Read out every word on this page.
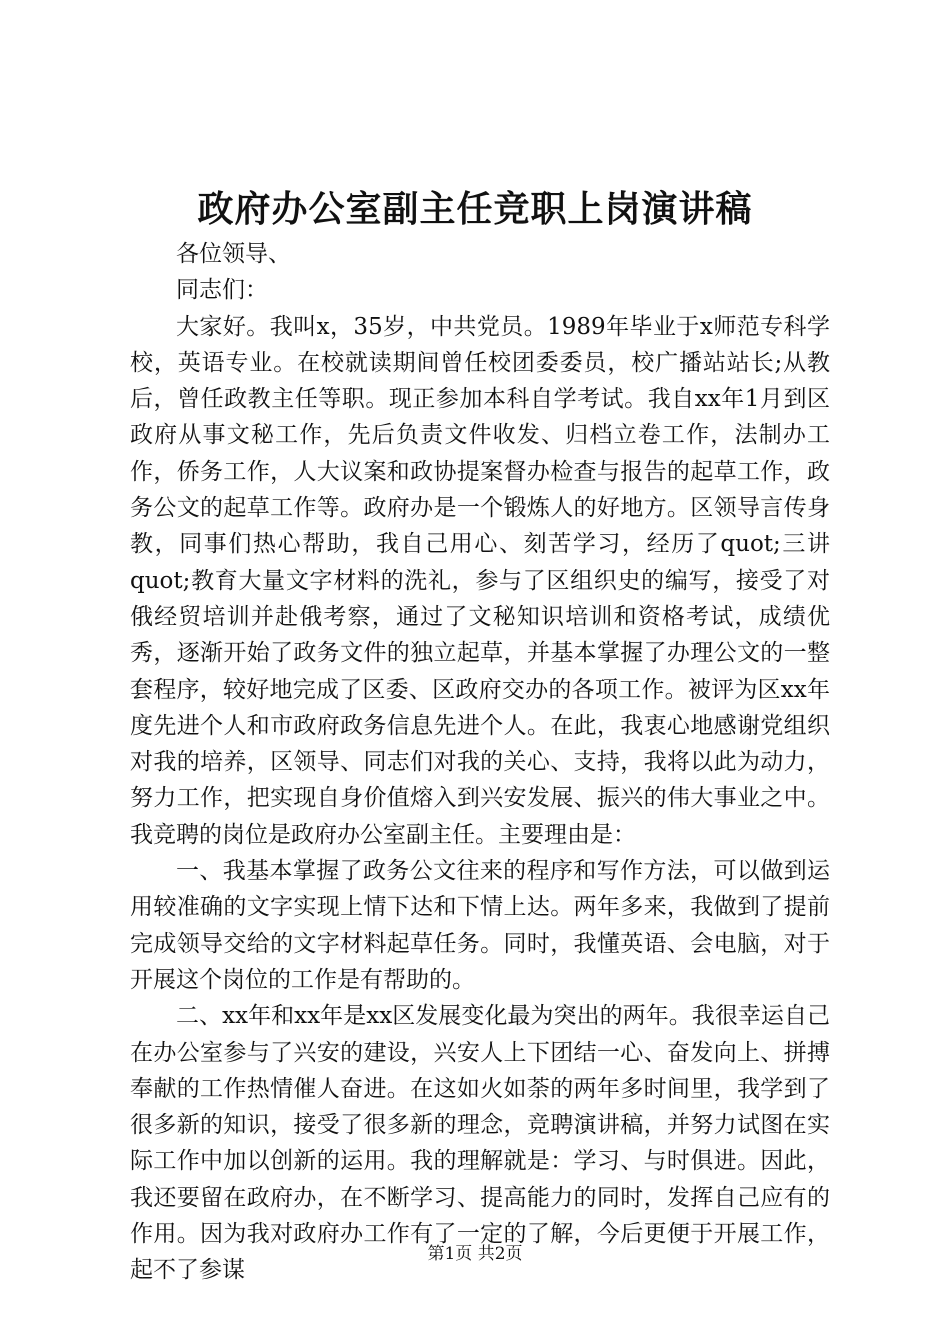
政府办公室副主任竞职上岗演讲稿

各位领导、

同志们：

大家好。我叫x，35岁，中共党员。1989年毕业于x师范专科学校，英语专业。在校就读期间曾任校团委委员，校广播站站长;从教后，曾任政教主任等职。现正参加本科自学考试。我自xx年1月到区政府从事文秘工作，先后负责文件收发、归档立卷工作，法制办工作，侨务工作，人大议案和政协提案督办检查与报告的起草工作，政务公文的起草工作等。政府办是一个锻炼人的好地方。区领导言传身教，同事们热心帮助，我自己用心、刻苦学习，经历了quot;三讲quot;教育大量文字材料的洗礼，参与了区组织史的编写，接受了对俄经贸培训并赴俄考察，通过了文秘知识培训和资格考试，成绩优秀，逐渐开始了政务文件的独立起草，并基本掌握了办理公文的一整套程序，较好地完成了区委、区政府交办的各项工作。被评为区xx年度先进个人和市政府政务信息先进个人。在此，我衷心地感谢党组织对我的培养，区领导、同志们对我的关心、支持，我将以此为动力，努力工作，把实现自身价值熔入到兴安发展、振兴的伟大事业之中。我竞聘的岗位是政府办公室副主任。主要理由是：

一、我基本掌握了政务公文往来的程序和写作方法，可以做到运用较准确的文字实现上情下达和下情上达。两年多来，我做到了提前完成领导交给的文字材料起草任务。同时，我懂英语、会电脑，对于开展这个岗位的工作是有帮助的。

二、xx年和xx年是xx区发展变化最为突出的两年。我很幸运自己在办公室参与了兴安的建设，兴安人上下团结一心、奋发向上、拼搏奉献的工作热情催人奋进。在这如火如荼的两年多时间里，我学到了很多新的知识，接受了很多新的理念，竞聘演讲稿，并努力试图在实际工作中加以创新的运用。我的理解就是：学习、与时俱进。因此，我还要留在政府办，在不断学习、提高能力的同时，发挥自己应有的作用。因为我对政府办工作有了一定的了解，今后更便于开展工作，起不了参谋

第1页 共2页
